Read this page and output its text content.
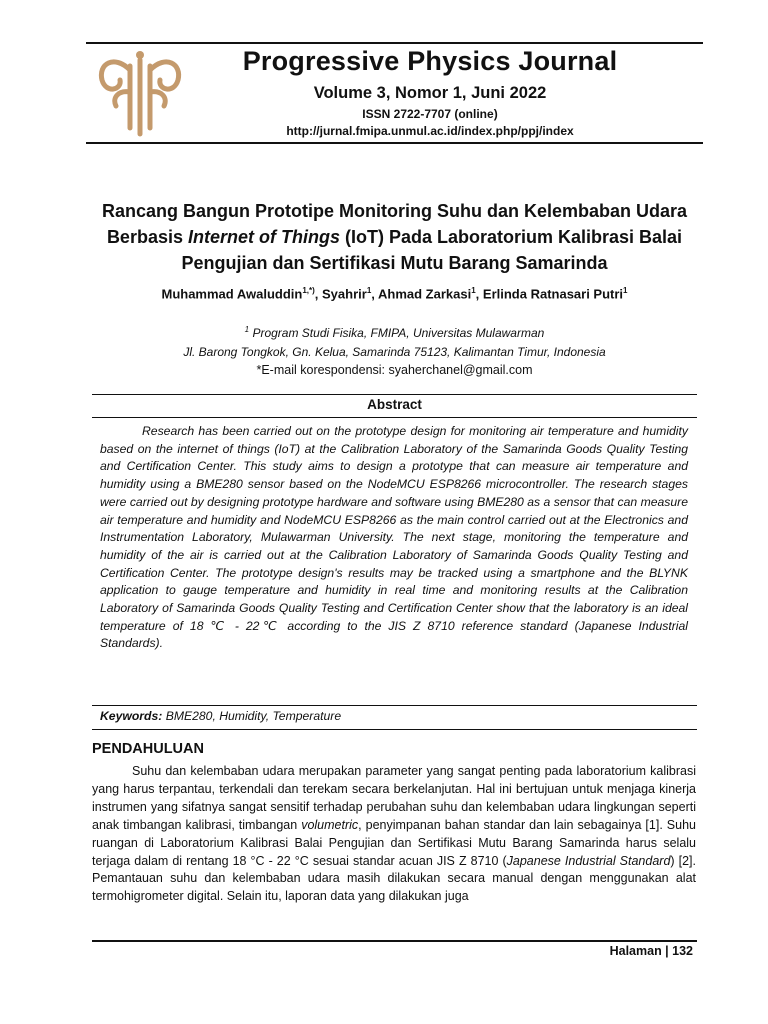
Progressive Physics Journal
Volume 3, Nomor 1, Juni 2022
ISSN 2722-7707 (online)
http://jurnal.fmipa.unmul.ac.id/index.php/ppj/index
Rancang Bangun Prototipe Monitoring Suhu dan Kelembaban Udara Berbasis Internet of Things (IoT) Pada Laboratorium Kalibrasi Balai Pengujian dan Sertifikasi Mutu Barang Samarinda
Muhammad Awaluddin$^{1,*)}$, Syahrir$^1$, Ahmad Zarkasi$^1$, Erlinda Ratnasari Putri$^1$
$^1$ Program Studi Fisika, FMIPA, Universitas Mulawarman
Jl. Barong Tongkok, Gn. Kelua, Samarinda 75123, Kalimantan Timur, Indonesia
*E-mail korespondensi: syaherchanel@gmail.com
Abstract
Research has been carried out on the prototype design for monitoring air temperature and humidity based on the internet of things (IoT) at the Calibration Laboratory of the Samarinda Goods Quality Testing and Certification Center. This study aims to design a prototype that can measure air temperature and humidity using a BME280 sensor based on the NodeMCU ESP8266 microcontroller. The research stages were carried out by designing prototype hardware and software using BME280 as a sensor that can measure air temperature and humidity and NodeMCU ESP8266 as the main control carried out at the Electronics and Instrumentation Laboratory, Mulawarman University. The next stage, monitoring the temperature and humidity of the air is carried out at the Calibration Laboratory of Samarinda Goods Quality Testing and Certification Center. The prototype design's results may be tracked using a smartphone and the BLYNK application to gauge temperature and humidity in real time and monitoring results at the Calibration Laboratory of Samarinda Goods Quality Testing and Certification Center show that the laboratory is an ideal temperature of 18 ℃ - 22℃ according to the JIS Z 8710 reference standard (Japanese Industrial Standards).
Keywords: BME280, Humidity, Temperature
PENDAHULUAN
Suhu dan kelembaban udara merupakan parameter yang sangat penting pada laboratorium kalibrasi yang harus terpantau, terkendali dan terekam secara berkelanjutan. Hal ini bertujuan untuk menjaga kinerja instrumen yang sifatnya sangat sensitif terhadap perubahan suhu dan kelembaban udara lingkungan seperti anak timbangan kalibrasi, timbangan volumetric, penyimpanan bahan standar dan lain sebagainya [1]. Suhu ruangan di Laboratorium Kalibrasi Balai Pengujian dan Sertifikasi Mutu Barang Samarinda harus selalu terjaga dalam di rentang 18 °C - 22 °C sesuai standar acuan JIS Z 8710 (Japanese Industrial Standard) [2]. Pemantauan suhu dan kelembaban udara masih dilakukan secara manual dengan menggunakan alat termohigrometer digital. Selain itu, laporan data yang dilakukan juga
Halaman | 132
